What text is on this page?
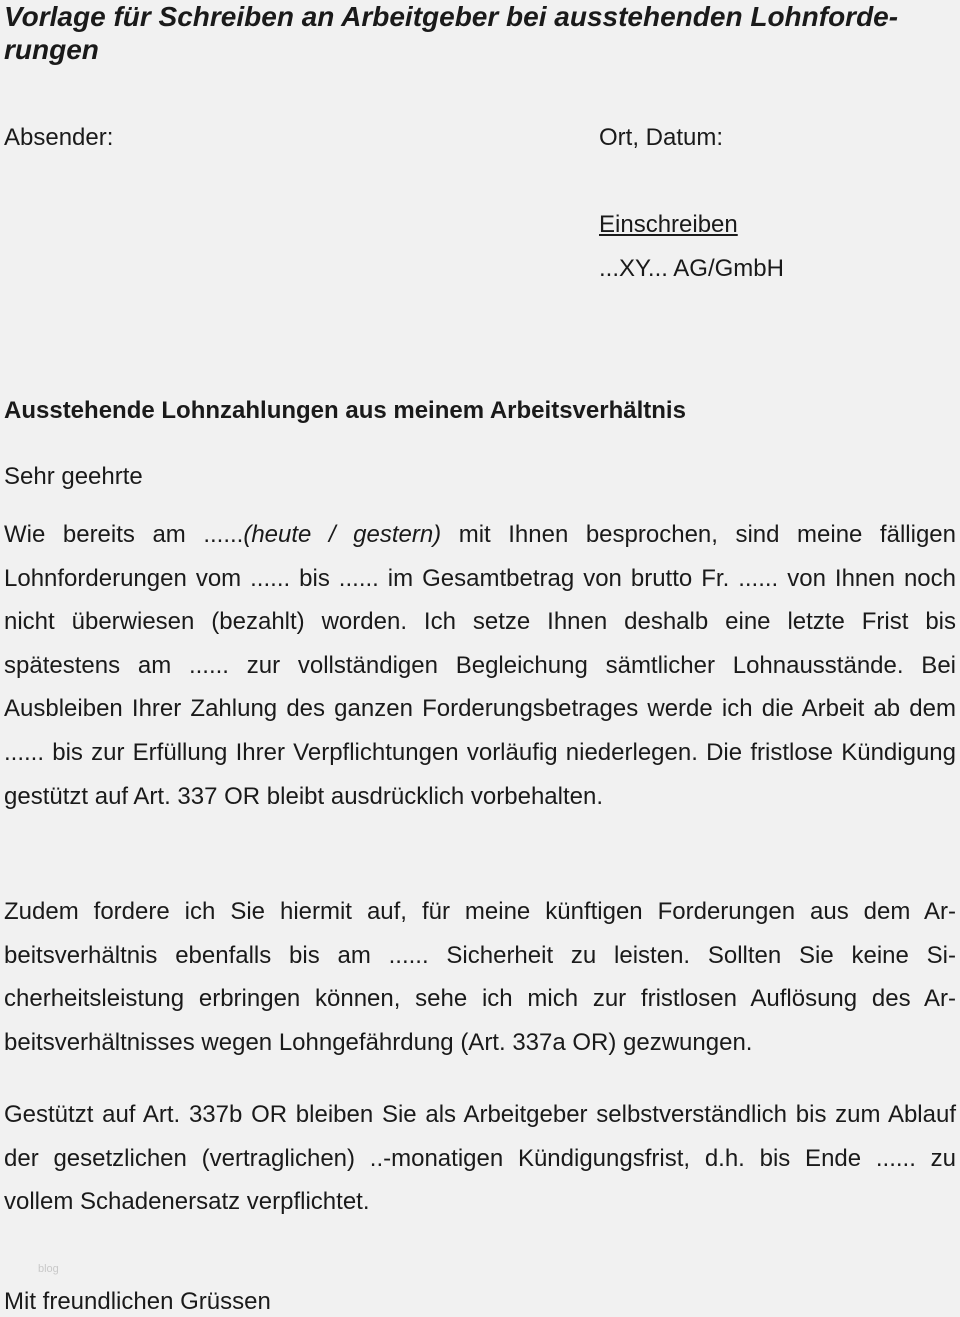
Vorlage für Schreiben an Arbeitgeber bei ausstehenden Lohnforderungen
Absender:	Ort, Datum:
Einschreiben
...XY... AG/GmbH
Ausstehende Lohnzahlungen aus meinem Arbeitsverhältnis
Sehr geehrte
Wie bereits am ......(heute / gestern) mit Ihnen besprochen, sind meine fälligen Lohnforderungen vom ...... bis ...... im Gesamtbetrag von brutto Fr. ...... von Ihnen noch nicht überwiesen (bezahlt) worden. Ich setze Ihnen deshalb eine letzte Frist bis spätestens am ...... zur vollständigen Begleichung sämtlicher Lohnausstände. Bei Ausbleiben Ihrer Zahlung des ganzen Forderungsbetrages werde ich die Arbeit ab dem ...... bis zur Erfüllung Ihrer Verpflichtungen vorläufig niederlegen. Die fristlose Kündigung gestützt auf Art. 337 OR bleibt ausdrücklich vorbehalten.
Zudem fordere ich Sie hiermit auf, für meine künftigen Forderungen aus dem Arbeitsverhältnis ebenfalls bis am ...... Sicherheit zu leisten. Sollten Sie keine Sicherheitsleistung erbringen können, sehe ich mich zur fristlosen Auflösung des Arbeitsverhältnisses wegen Lohngefährdung (Art. 337a OR) gezwungen.
Gestützt auf Art. 337b OR bleiben Sie als Arbeitgeber selbstverständlich bis zum Ablauf der gesetzlichen (vertraglichen) ..-monatigen Kündigungsfrist, d.h. bis Ende ...... zu vollem Schadenersatz verpflichtet.
blog
Mit freundlichen Grüssen
